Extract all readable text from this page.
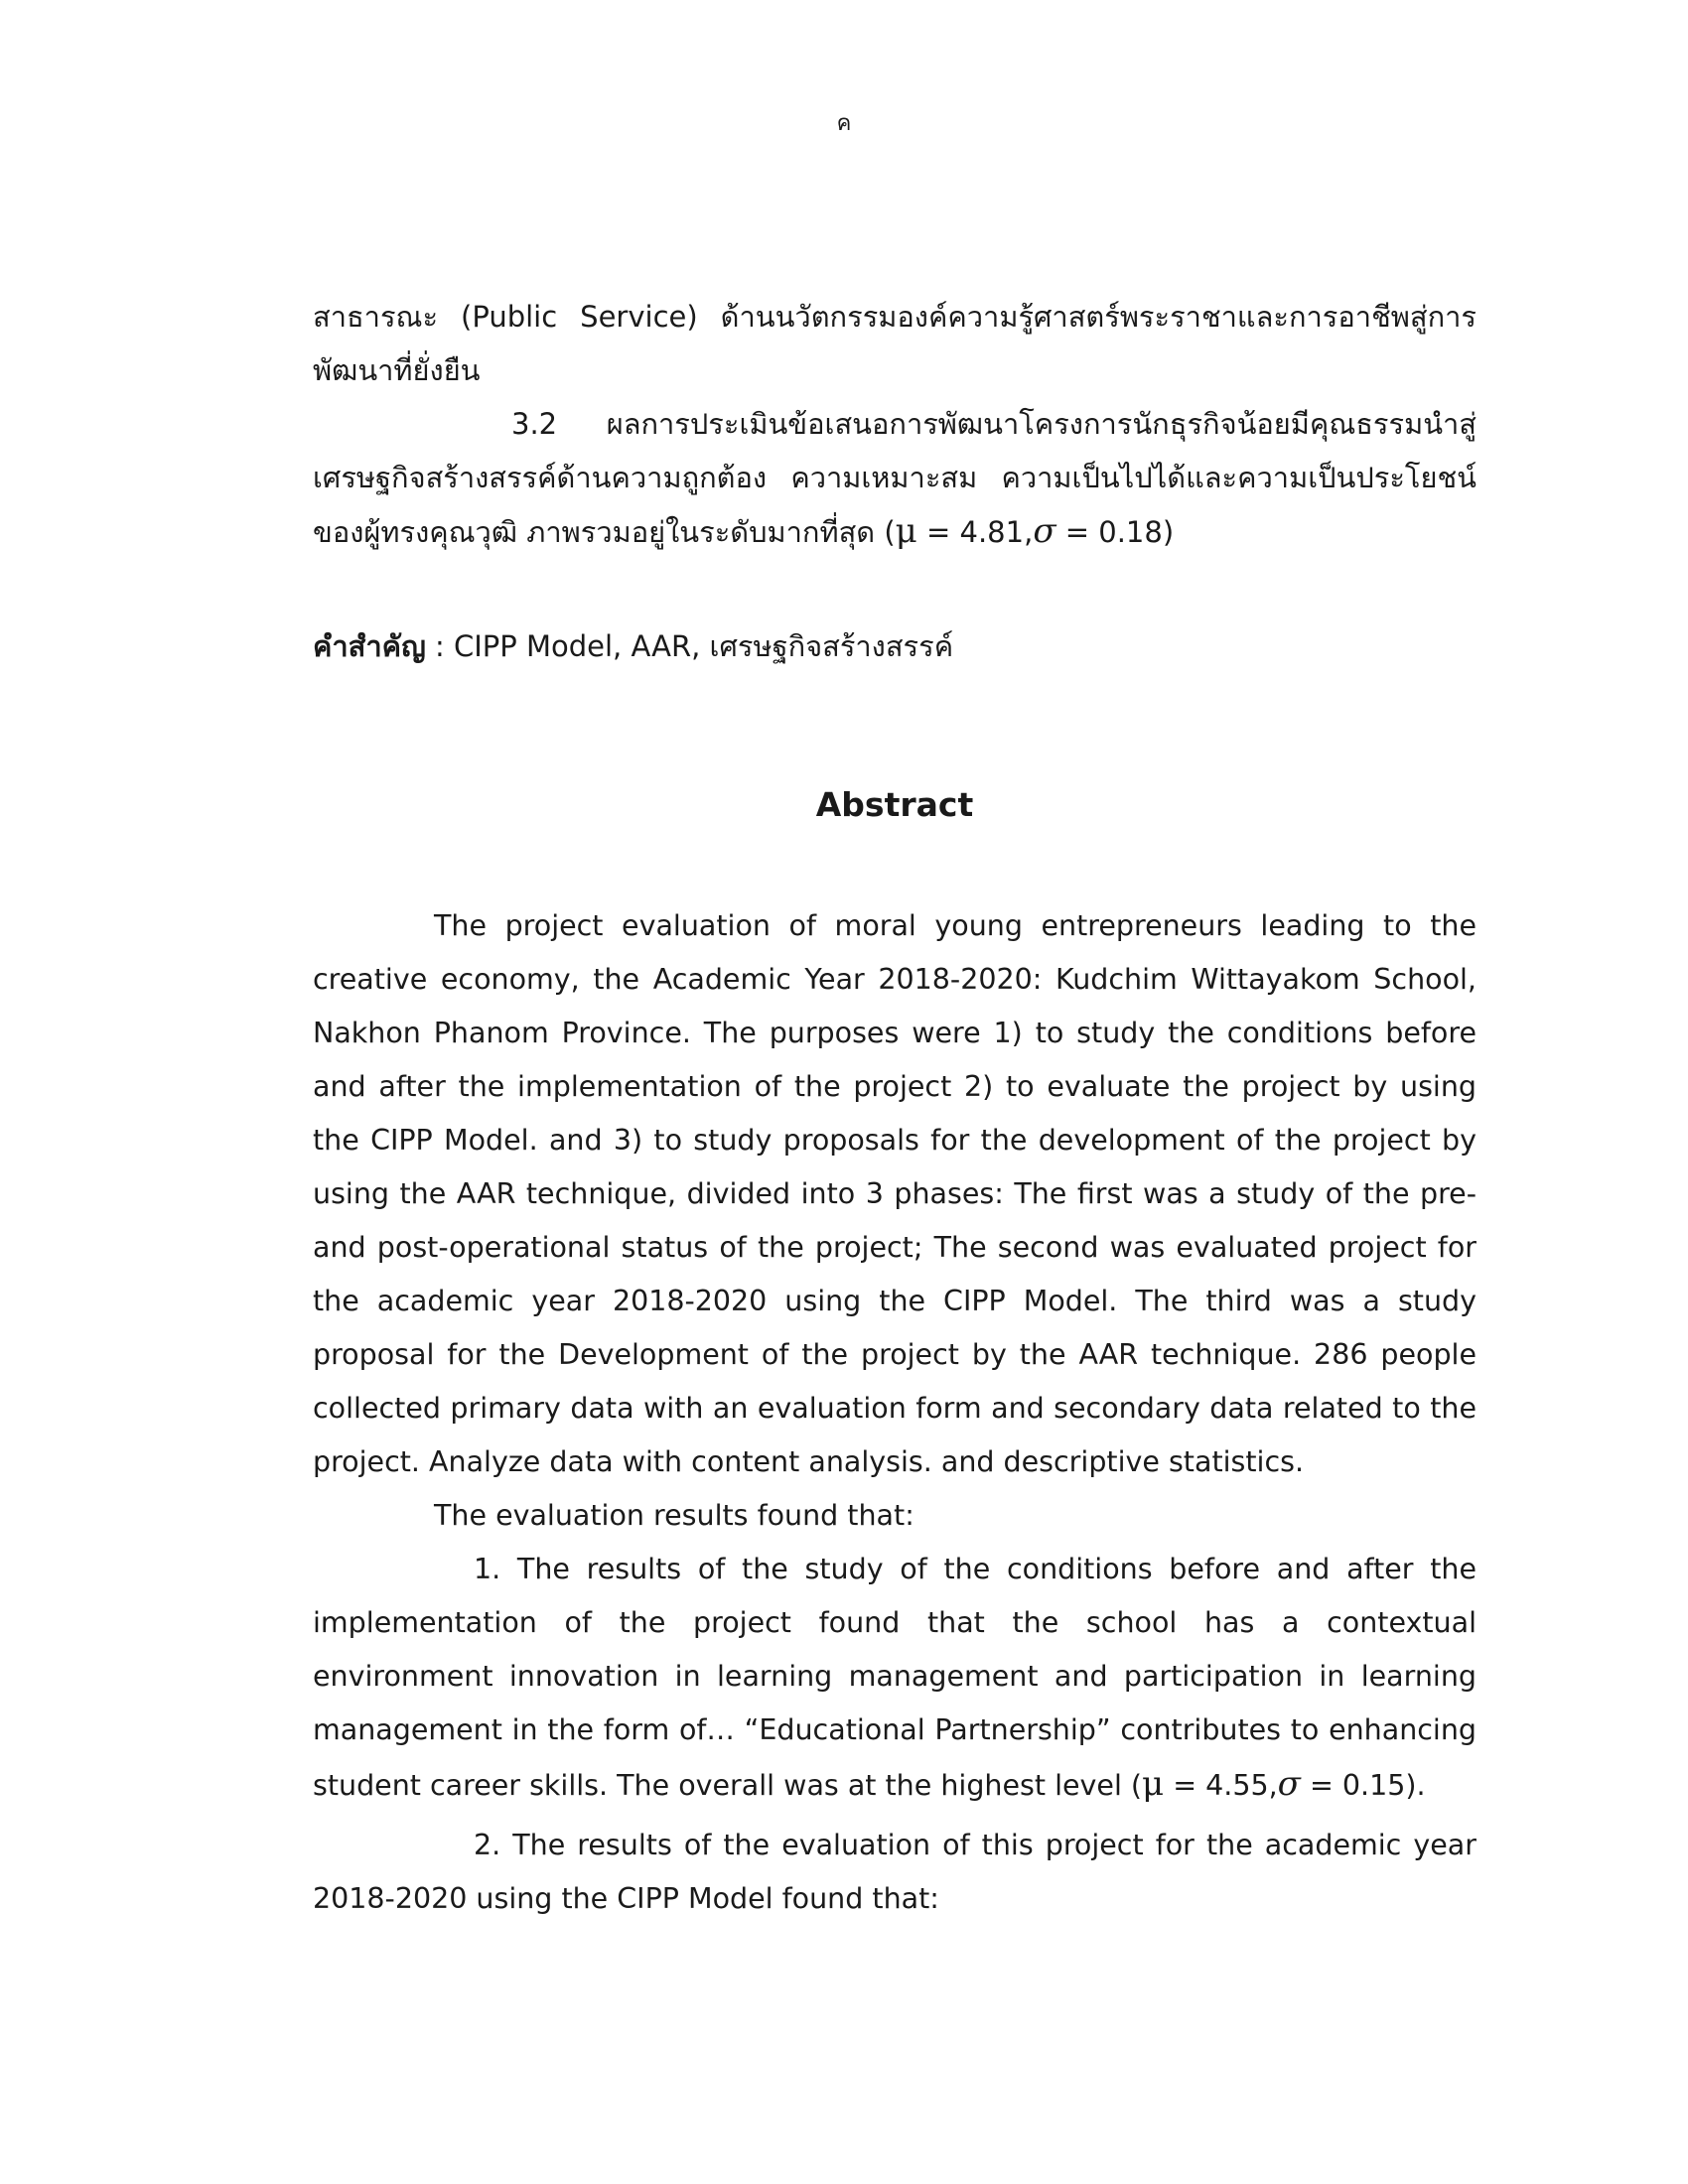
ค

สาธารณะ (Public Service) ด้านนวัตกรรมองค์ความรู้ศาสตร์พระราชาและการอาชีพสู่การพัฒนาที่ยั่งยืน

3.2 ผลการประเมินข้อเสนอการพัฒนาโครงการนักธุรกิจน้อยมีคุณธรรมนำสู่เศรษฐกิจสร้างสรรค์ด้านความถูกต้อง ความเหมาะสม ความเป็นไปได้และความเป็นประโยชน์ของผู้ทรงคุณวุฒิ ภาพรวมอยู่ในระดับมากที่สุด (μ = 4.81,σ = 0.18)

คำสำคัญ : CIPP Model, AAR, เศรษฐกิจสร้างสรรค์

Abstract

The project evaluation of moral young entrepreneurs leading to the creative economy, the Academic Year 2018-2020: Kudchim Wittayakom School, Nakhon Phanom Province. The purposes were 1) to study the conditions before and after the implementation of the project 2) to evaluate the project by using the CIPP Model. and 3) to study proposals for the development of the project by using the AAR technique, divided into 3 phases: The first was a study of the pre-and post-operational status of the project; The second was evaluated project for the academic year 2018-2020 using the CIPP Model. The third was a study proposal for the Development of the project by the AAR technique. 286 people collected primary data with an evaluation form and secondary data related to the project. Analyze data with content analysis. and descriptive statistics.

The evaluation results found that:

1. The results of the study of the conditions before and after the implementation of the project found that the school has a contextual environment innovation in learning management and participation in learning management in the form of… “Educational Partnership” contributes to enhancing student career skills. The overall was at the highest level (μ = 4.55,σ = 0.15).

2. The results of the evaluation of this project for the academic year 2018-2020 using the CIPP Model found that:
